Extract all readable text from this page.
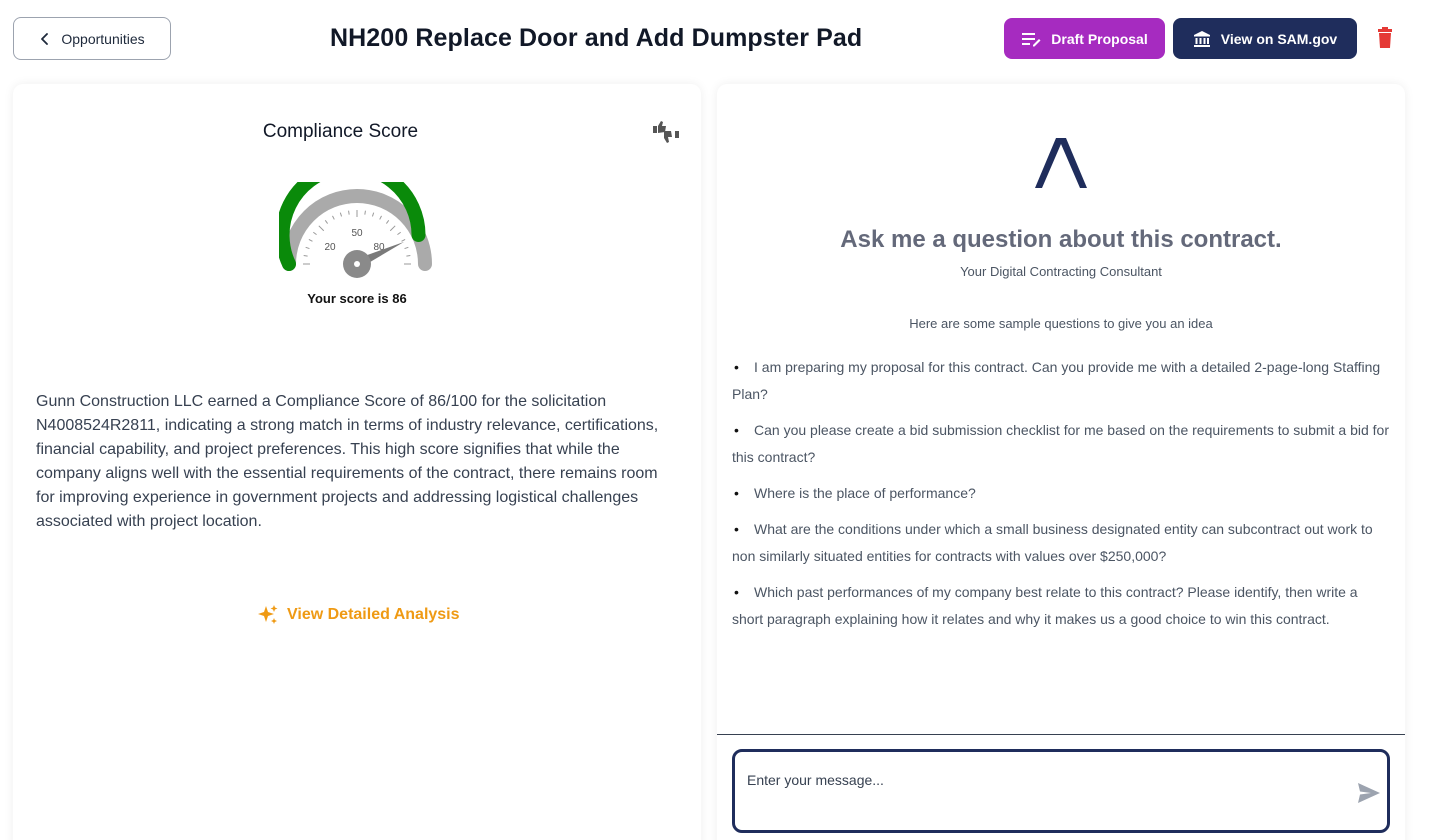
Opportunities	NH200 Replace Door and Add Dumpster Pad	Draft Proposal	View on SAM.gov
Compliance Score
20
50
80
Your score is 86

Gunn Construction LLC earned a Compliance Score of 86/100 for the solicitation N4008524R2811, indicating a strong match in terms of industry relevance, certifications, financial capability, and project preferences. This high score signifies that while the company aligns well with the essential requirements of the contract, there remains room for improving experience in government projects and addressing logistical challenges associated with project location.

View Detailed Analysis
Ask me a question about this contract.
Your Digital Contracting Consultant
Here are some sample questions to give you an idea
• I am preparing my proposal for this contract. Can you provide me with a detailed 2-page-long Staffing Plan?
• Can you please create a bid submission checklist for me based on the requirements to submit a bid for this contract?
• Where is the place of performance?
• What are the conditions under which a small business designated entity can subcontract out work to non similarly situated entities for contracts with values over $250,000?
• Which past performances of my company best relate to this contract? Please identify, then write a short paragraph explaining how it relates and why it makes us a good choice to win this contract.
Enter your message...
